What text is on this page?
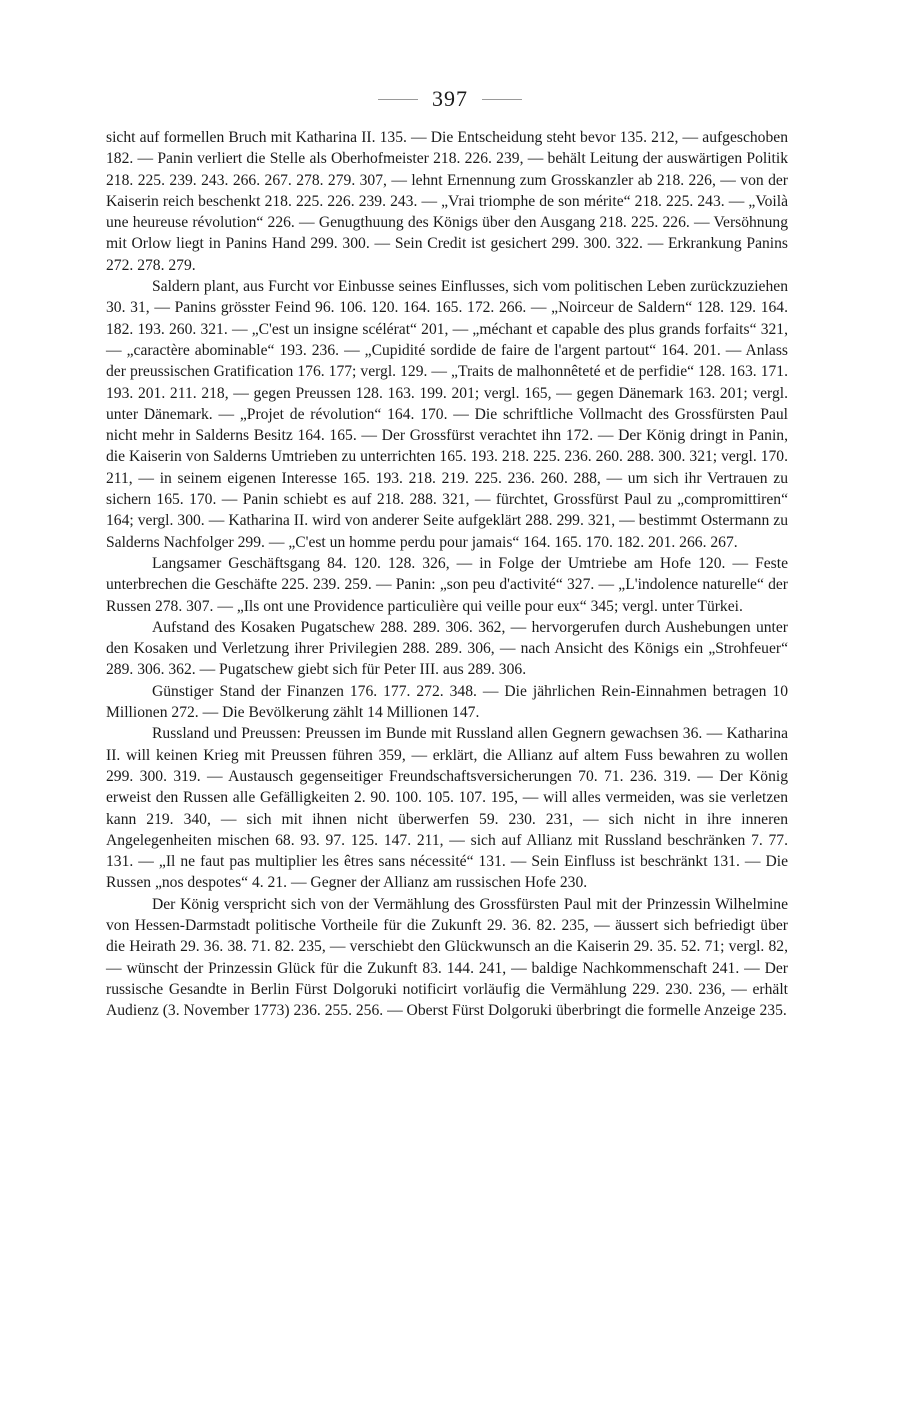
397

sicht auf formellen Bruch mit Katharina II. 135. — Die Entscheidung steht bevor 135. 212, — aufgeschoben 182. — Panin verliert die Stelle als Oberhofmeister 218. 226. 239, — behält Leitung der auswärtigen Politik 218. 225. 239. 243. 266. 267. 278. 279. 307, — lehnt Ernennung zum Grosskanzler ab 218. 226, — von der Kaiserin reich beschenkt 218. 225. 226. 239. 243. — „Vrai triomphe de son mérite“ 218. 225. 243. — „Voilà une heureuse révolution“ 226. — Genugthuung des Königs über den Ausgang 218. 225. 226. — Versöhnung mit Orlow liegt in Panins Hand 299. 300. — Sein Credit ist gesichert 299. 300. 322. — Erkrankung Panins 272. 278. 279.

Saldern plant, aus Furcht vor Einbusse seines Einflusses, sich vom politischen Leben zurückzuziehen 30. 31, — Panins grösster Feind 96. 106. 120. 164. 165. 172. 266. — „Noirceur de Saldern“ 128. 129. 164. 182. 193. 260. 321. — „C'est un insigne scélérat“ 201, — „méchant et capable des plus grands forfaits“ 321, — „caractère abominable“ 193. 236. — „Cupidité sordide de faire de l'argent partout“ 164. 201. — Anlass der preussischen Gratification 176. 177; vergl. 129. — „Traits de malhonnêteté et de perfidie“ 128. 163. 171. 193. 201. 211. 218, — gegen Preussen 128. 163. 199. 201; vergl. 165, — gegen Dänemark 163. 201; vergl. unter Dänemark. — „Projet de révolution“ 164. 170. — Die schriftliche Vollmacht des Grossfürsten Paul nicht mehr in Salderns Besitz 164. 165. — Der Grossfürst verachtet ihn 172. — Der König dringt in Panin, die Kaiserin von Salderns Umtrieben zu unterrichten 165. 193. 218. 225. 236. 260. 288. 300. 321; vergl. 170. 211, — in seinem eigenen Interesse 165. 193. 218. 219. 225. 236. 260. 288, — um sich ihr Vertrauen zu sichern 165. 170. — Panin schiebt es auf 218. 288. 321, — fürchtet, Grossfürst Paul zu „compromittiren“ 164; vergl. 300. — Katharina II. wird von anderer Seite aufgeklärt 288. 299. 321, — bestimmt Ostermann zu Salderns Nachfolger 299. — „C'est un homme perdu pour jamais“ 164. 165. 170. 182. 201. 266. 267.

Langsamer Geschäftsgang 84. 120. 128. 326, — in Folge der Umtriebe am Hofe 120. — Feste unterbrechen die Geschäfte 225. 239. 259. — Panin: „son peu d'activité“ 327. — „L'indolence naturelle“ der Russen 278. 307. — „Ils ont une Providence particulière qui veille pour eux“ 345; vergl. unter Türkei.

Aufstand des Kosaken Pugatschew 288. 289. 306. 362, — hervorgerufen durch Aushebungen unter den Kosaken und Verletzung ihrer Privilegien 288. 289. 306, — nach Ansicht des Königs ein „Strohfeuer“ 289. 306. 362. — Pugatschew giebt sich für Peter III. aus 289. 306.

Günstiger Stand der Finanzen 176. 177. 272. 348. — Die jährlichen Rein-Einnahmen betragen 10 Millionen 272. — Die Bevölkerung zählt 14 Millionen 147.

Russland und Preussen: Preussen im Bunde mit Russland allen Gegnern gewachsen 36. — Katharina II. will keinen Krieg mit Preussen führen 359, — erklärt, die Allianz auf altem Fuss bewahren zu wollen 299. 300. 319. — Austausch gegenseitiger Freundschaftsversicherungen 70. 71. 236. 319. — Der König erweist den Russen alle Gefälligkeiten 2. 90. 100. 105. 107. 195, — will alles vermeiden, was sie verletzen kann 219. 340, — sich mit ihnen nicht überwerfen 59. 230. 231, — sich nicht in ihre inneren Angelegenheiten mischen 68. 93. 97. 125. 147. 211, — sich auf Allianz mit Russland beschränken 7. 77. 131. — „Il ne faut pas multiplier les êtres sans nécessité“ 131. — Sein Einfluss ist beschränkt 131. — Die Russen „nos despotes“ 4. 21. — Gegner der Allianz am russischen Hofe 230.

Der König verspricht sich von der Vermählung des Grossfürsten Paul mit der Prinzessin Wilhelmine von Hessen-Darmstadt politische Vortheile für die Zukunft 29. 36. 82. 235, — äussert sich befriedigt über die Heirath 29. 36. 38. 71. 82. 235, — verschiebt den Glückwunsch an die Kaiserin 29. 35. 52. 71; vergl. 82, — wünscht der Prinzessin Glück für die Zukunft 83. 144. 241, — baldige Nachkommenschaft 241. — Der russische Gesandte in Berlin Fürst Dolgoruki notificirt vorläufig die Vermählung 229. 230. 236, — erhält Audienz (3. November 1773) 236. 255. 256. — Oberst Fürst Dolgoruki überbringt die formelle Anzeige 235.
